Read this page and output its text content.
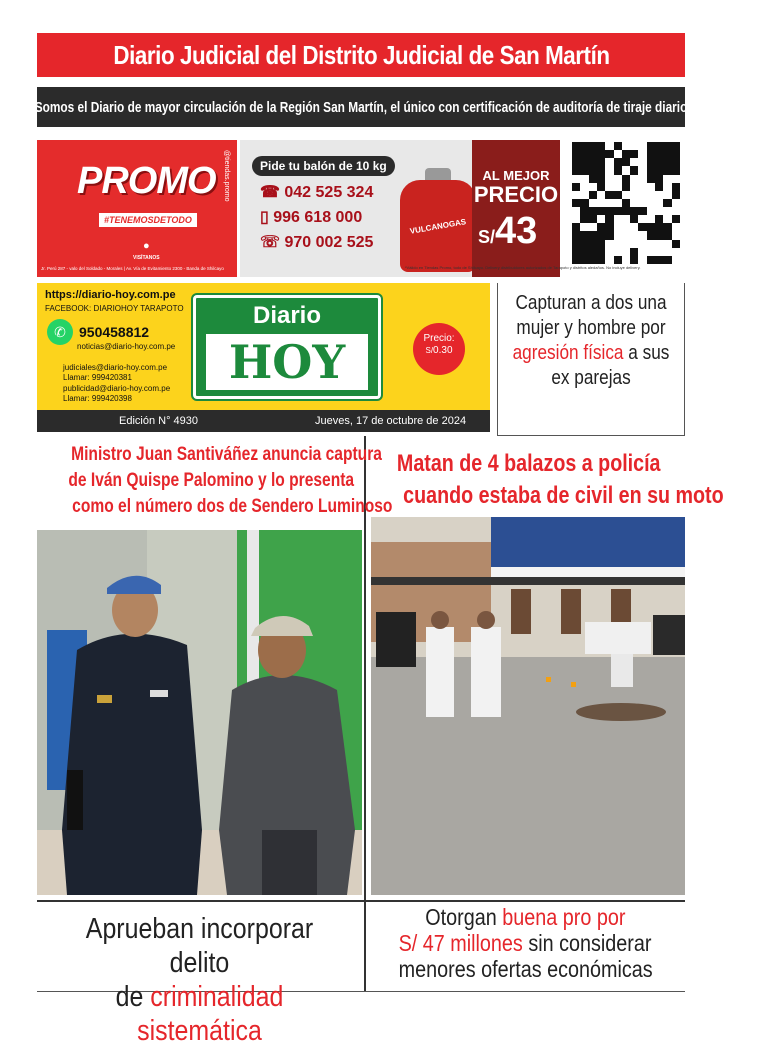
Diario Judicial del Distrito Judicial de San Martín
Somos el Diario de mayor circulación de la Región San Martín, el único con certificación de auditoría de tiraje diario
PROMO
#TENEMOSDETODO
●
VISÍTANOS
Jr. Perú 287 - valo del Soldado - Morales | Av. Vía de Evitamiento 2300 - Banda de Shilcayo
@tiendas.promo	Pide tu balón de 10 kg
☎ 042 525 324
▯ 996 618 000
☏ 970 002 525
VULCANOGAS
AL MEJOR
PRECIO
S/43
*Válido en Tiendas Promo, todo de Shilcayo. Delivery distribuidores autorizados de Tarapoto y distritos aledaños. No incluye delivery.
https://diario-hoy.com.pe
FACEBOOK: DIARIOHOY TARAPOTO
✆ 950458812
noticias@diario-hoy.com.pe
judiciales@diario-hoy.com.pe
Llamar: 999420381
publicidad@diario-hoy.com.pe
Llamar: 999420398
Diario
HOY	Precio:
S/0.30
Edición N° 4930	Jueves, 17 de octubre de 2024
Capturan a dos una mujer y hombre por agresión física a sus ex parejas
Ministro Juan Santiváñez anuncia captura
de Iván Quispe Palomino y lo presenta
como el número dos de Sendero Luminoso
Matan de 4 balazos a policía
cuando estaba de civil en su moto
Aprueban incorporar delito
de criminalidad sistemática
Otorgan buena pro por
S/ 47 millones sin considerar
menores ofertas económicas
